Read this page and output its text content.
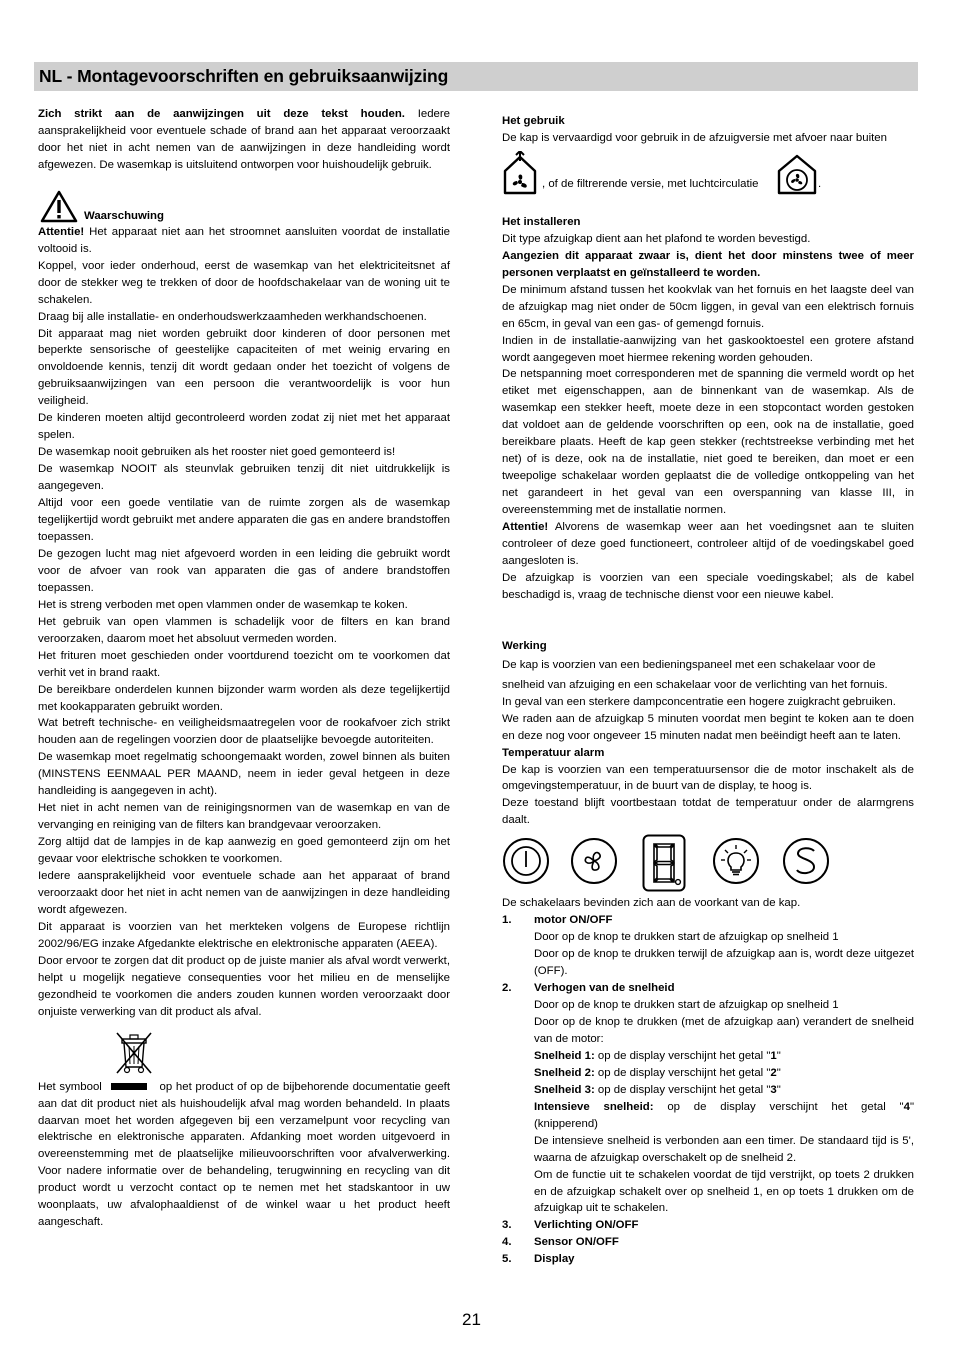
NL - Montagevoorschriften en gebruiksaanwijzing

Zich strikt aan de aanwijzingen uit deze tekst houden. Iedere aansprakelijkheid voor eventuele schade of brand aan het apparaat veroorzaakt door het niet in acht nemen van de aanwijzingen in deze handleiding wordt afgewezen. De wasemkap is uitsluitend ontworpen voor huishoudelijk gebruik.

Waarschuwing

Attentie! Het apparaat niet aan het stroomnet aansluiten voordat de installatie voltooid is.

Koppel, voor ieder onderhoud, eerst de wasemkap van het elektriciteitsnet af door de stekker weg te trekken of door de hoofdschakelaar van de woning uit te schakelen.

Draag bij alle installatie- en onderhoudswerkzaamheden werkhandschoenen.

Dit apparaat mag niet worden gebruikt door kinderen of door personen met beperkte sensorische of geestelijke capaciteiten of met weinig ervaring en onvoldoende kennis, tenzij dit wordt gedaan onder het toezicht of volgens de gebruiksaanwijzingen van een persoon die verantwoordelijk is voor hun veiligheid.

De kinderen moeten altijd gecontroleerd worden zodat zij niet met het apparaat spelen.

De wasemkap nooit gebruiken als het rooster niet goed gemonteerd is!

De wasemkap NOOIT als steunvlak gebruiken tenzij dit niet uitdrukkelijk is aangegeven.

Altijd voor een goede ventilatie van de ruimte zorgen als de wasemkap tegelijkertijd wordt gebruikt met andere apparaten die gas en andere brandstoffen toepassen.

De gezogen lucht mag niet afgevoerd worden in een leiding die gebruikt wordt voor de afvoer van rook van apparaten die gas of andere brandstoffen toepassen.

Het is streng verboden met open vlammen onder de wasemkap te koken.

Het gebruik van open vlammen is schadelijk voor de filters en kan brand veroorzaken, daarom moet het absoluut vermeden worden.

Het frituren moet geschieden onder voortdurend toezicht om te voorkomen dat verhit vet in brand raakt.

De bereikbare onderdelen kunnen bijzonder warm worden als deze tegelijkertijd met kookapparaten gebruikt worden.

Wat betreft technische- en veiligheidsmaatregelen voor de rookafvoer zich strikt houden aan de regelingen voorzien door de plaatselijke bevoegde autoriteiten.

De wasemkap moet regelmatig schoongemaakt worden, zowel binnen als buiten (MINSTENS EENMAAL PER MAAND, neem in ieder geval hetgeen in deze handleiding is aangegeven in acht).

Het niet in acht nemen van de reinigingsnormen van de wasemkap en van de vervanging en reiniging van de filters kan brandgevaar veroorzaken.

Zorg altijd dat de lampjes in de kap aanwezig en goed gemonteerd zijn om het gevaar voor elektrische schokken te voorkomen.

Iedere aansprakelijkheid voor eventuele schade aan het apparaat of brand veroorzaakt door het niet in acht nemen van de aanwijzingen in deze handleiding wordt afgewezen.

Dit apparaat is voorzien van het merkteken volgens de Europese richtlijn 2002/96/EG inzake Afgedankte elektrische en elektronische apparaten (AEEA).

Door ervoor te zorgen dat dit product op de juiste manier als afval wordt verwerkt, helpt u mogelijk negatieve consequenties voor het milieu en de menselijke gezondheid te voorkomen die anders zouden kunnen worden veroorzaakt door onjuiste verwerking van dit product als afval.

Het symbool	op het product of op de bijbehorende documentatie geeft aan dat dit product niet als huishoudelijk afval mag worden behandeld. In plaats daarvan moet het worden afgegeven bij een verzamelpunt voor recycling van elektrische en elektronische apparaten. Afdanking moet worden uitgevoerd in overeenstemming met de plaatselijke milieuvoorschriften voor afvalverwerking. Voor nadere informatie over de behandeling, terugwinning en recycling van dit product wordt u verzocht contact op te nemen met het stadskantoor in uw woonplaats, uw afvalophaaldienst of de winkel waar u het product heeft aangeschaft.

Het gebruik

De kap is vervaardigd voor gebruik in de afzuigversie met afvoer naar buiten

, of de filtrerende versie, met luchtcirculatie	.

Het installeren

Dit type afzuigkap dient aan het plafond te worden bevestigd.

Aangezien dit apparaat zwaar is, dient het door minstens twee of meer personen verplaatst en geïnstalleerd te worden.

De minimum afstand tussen het kookvlak van het fornuis en het laagste deel van de afzuigkap mag niet onder de 50cm liggen, in geval van een elektrisch fornuis en 65cm, in geval van een gas- of gemengd fornuis.

Indien in de installatie-aanwijzing van het gaskooktoestel een grotere afstand wordt aangegeven moet hiermee rekening worden gehouden.

De netspanning moet corresponderen met de spanning die vermeld wordt op het etiket met eigenschappen, aan de binnenkant van de wasemkap. Als de wasemkap een stekker heeft, moete deze in een stopcontact worden gestoken dat voldoet aan de geldende voorschriften op een, ook na de installatie, goed bereikbare plaats. Heeft de kap geen stekker (rechtstreekse verbinding met het net) of is deze, ook na de installatie, niet goed te bereiken, dan moet er een tweepolige schakelaar worden geplaatst die de volledige ontkoppeling van het net garandeert in het geval van een overspanning van klasse III, in overeenstemming met de installatie normen.

Attentie! Alvorens de wasemkap weer aan het voedingsnet aan te sluiten controleer of deze goed functioneert, controleer altijd of de voedingskabel goed aangesloten is.

De afzuigkap is voorzien van een speciale voedingskabel; als de kabel beschadigd is, vraag de technische dienst voor een nieuwe kabel.

Werking

De kap is voorzien van een bedieningspaneel met een schakelaar voor de

snelheid van afzuiging en een schakelaar voor de verlichting van het fornuis.

In geval van een sterkere dampconcentratie een hogere zuigkracht gebruiken.

We raden aan de afzuigkap 5 minuten voordat men begint te koken aan te doen en deze nog voor ongeveer 15 minuten nadat men beëindigt heeft aan te laten.

Temperatuur alarm

De kap is voorzien van een temperatuursensor die de motor inschakelt als de omgevingstemperatuur, in de buurt van de display, te hoog is.

Deze toestand blijft voortbestaan totdat de temperatuur onder de alarmgrens daalt.

De schakelaars bevinden zich aan de voorkant van de kap.

1.	motor ON/OFF

Door op de knop te drukken start de afzuigkap op snelheid 1

Door op de knop te drukken terwijl de afzuigkap aan is, wordt deze uitgezet (OFF).

2.	Verhogen van de snelheid

Door op de knop te drukken start de afzuigkap op snelheid 1

Door op de knop te drukken (met de afzuigkap aan) verandert de snelheid van de motor:

Snelheid 1: op de display verschijnt het getal "1"

Snelheid 2: op de display verschijnt het getal "2"

Snelheid 3: op de display verschijnt het getal "3"

Intensieve snelheid: op de display verschijnt het getal "4" (knipperend)

De intensieve snelheid is verbonden aan een timer. De standaard tijd is 5', waarna de afzuigkap overschakelt op de snelheid 2.

Om de functie uit te schakelen voordat de tijd verstrijkt, op toets 2 drukken en de afzuigkap schakelt over op snelheid 1, en op toets 1 drukken om de afzuigkap uit te schakelen.

3.	Verlichting ON/OFF
4.	Sensor ON/OFF
5.	Display
21
